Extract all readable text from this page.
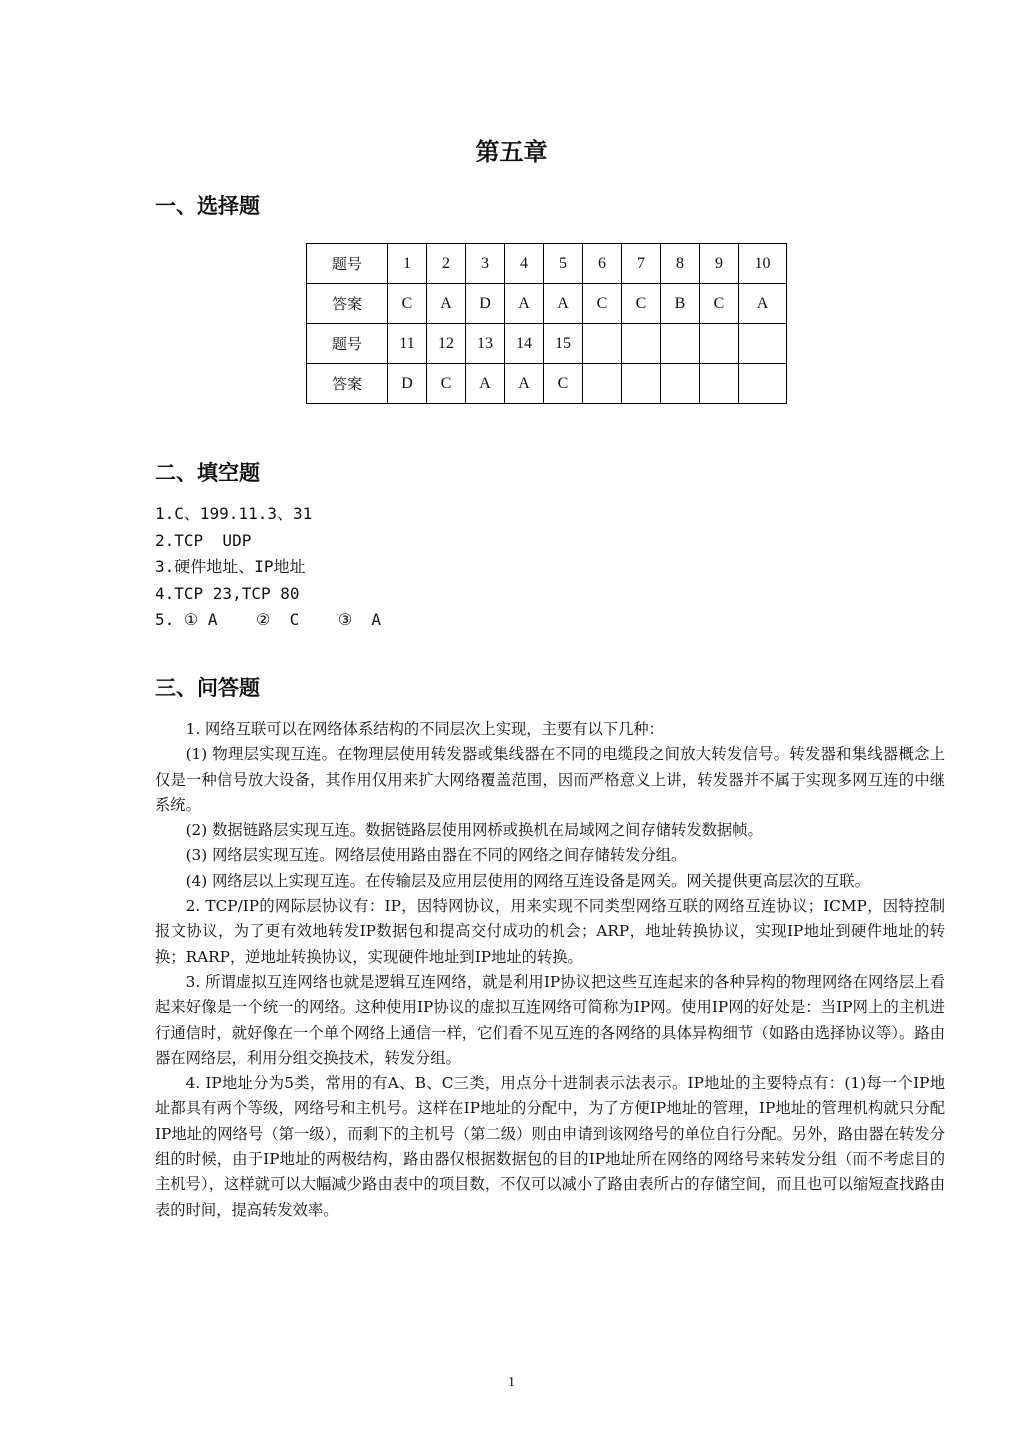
第五章
一、选择题
题号	1	2	3	4	5	6	7	8	9	10
答案	C	A	D	A	A	C	C	B	C	A
题号	11	12	13	14	15					
答案	D	C	A	A	C					
二、填空题
1.C、199.11.3、31
2.TCP  UDP
3.硬件地址、IP地址
4.TCP 23,TCP 80
5. ① A    ②  C    ③  A
三、问答题

1. 网络互联可以在网络体系结构的不同层次上实现，主要有以下几种：

(1) 物理层实现互连。在物理层使用转发器或集线器在不同的电缆段之间放大转发信号。转发器和集线器概念上仅是一种信号放大设备，其作用仅用来扩大网络覆盖范围，因而严格意义上讲，转发器并不属于实现多网互连的中继系统。

(2) 数据链路层实现互连。数据链路层使用网桥或换机在局域网之间存储转发数据帧。

(3) 网络层实现互连。网络层使用路由器在不同的网络之间存储转发分组。

(4) 网络层以上实现互连。在传输层及应用层使用的网络互连设备是网关。网关提供更高层次的互联。

2. TCP/IP的网际层协议有：IP，因特网协议，用来实现不同类型网络互联的网络互连协议；ICMP，因特控制报文协议，为了更有效地转发IP数据包和提高交付成功的机会；ARP，地址转换协议，实现IP地址到硬件地址的转换；RARP，逆地址转换协议，实现硬件地址到IP地址的转换。

3. 所谓虚拟互连网络也就是逻辑互连网络，就是利用IP协议把这些互连起来的各种异构的物理网络在网络层上看起来好像是一个统一的网络。这种使用IP协议的虚拟互连网络可简称为IP网。使用IP网的好处是：当IP网上的主机进行通信时，就好像在一个单个网络上通信一样，它们看不见互连的各网络的具体异构细节（如路由选择协议等）。路由器在网络层，利用分组交换技术，转发分组。

4. IP地址分为5类，常用的有A、B、C三类，用点分十进制表示法表示。IP地址的主要特点有：(1)每一个IP地址都具有两个等级，网络号和主机号。这样在IP地址的分配中，为了方便IP地址的管理，IP地址的管理机构就只分配IP地址的网络号（第一级），而剩下的主机号（第二级）则由申请到该网络号的单位自行分配。另外，路由器在转发分组的时候，由于IP地址的两极结构，路由器仅根据数据包的目的IP地址所在网络的网络号来转发分组（而不考虑目的主机号），这样就可以大幅减少路由表中的项目数，不仅可以减小了路由表所占的存储空间，而且也可以缩短查找路由表的时间，提高转发效率。

1
